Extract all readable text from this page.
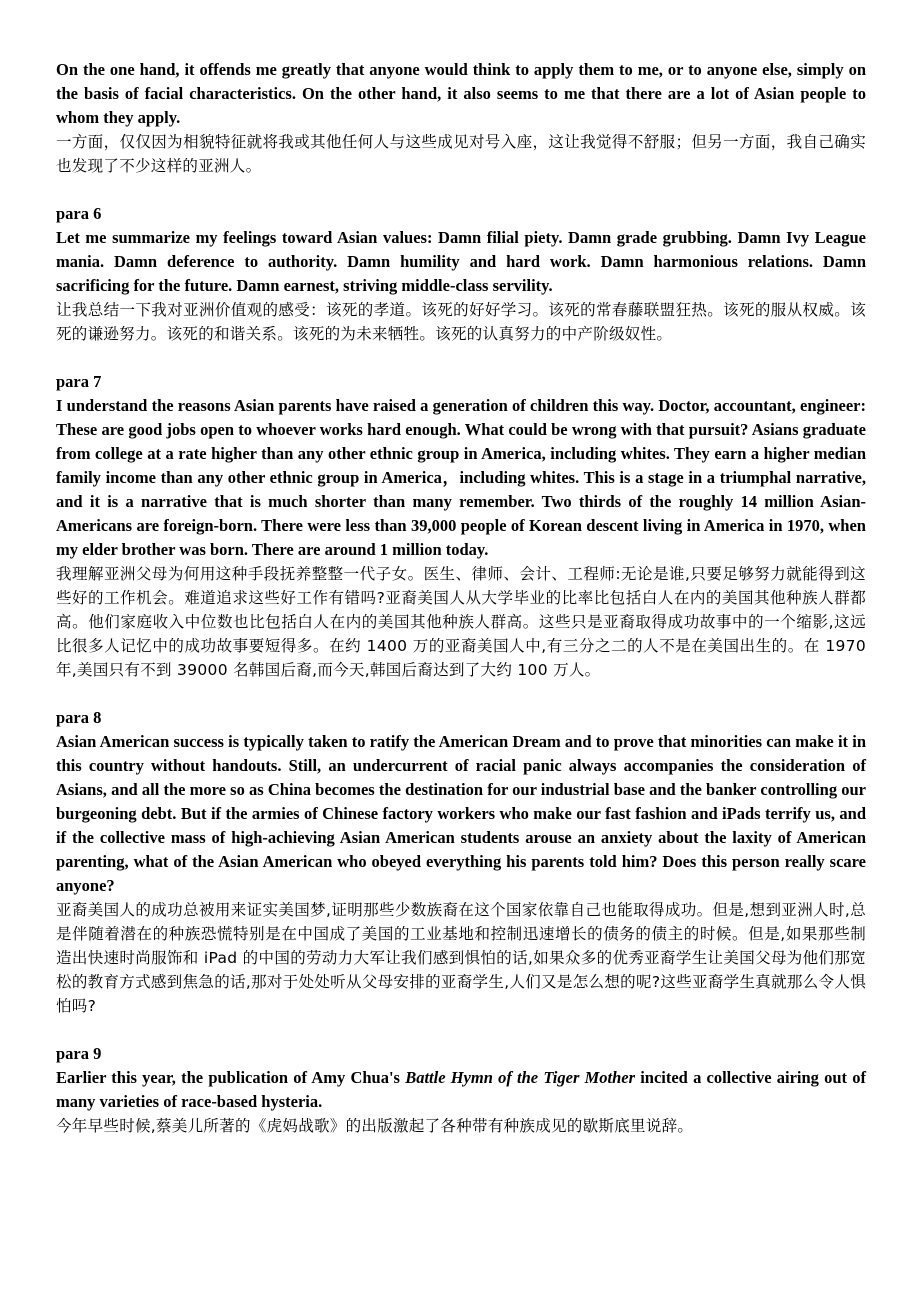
On the one hand, it offends me greatly that anyone would think to apply them to me, or to anyone else, simply on the basis of facial characteristics. On the other hand, it also seems to me that there are a lot of Asian people to whom they apply.

一方面，仅仅因为相貌特征就将我或其他任何人与这些成见对号入座，这让我觉得不舒服；但另一方面，我自己确实也发现了不少这样的亚洲人。

para 6

Let me summarize my feelings toward Asian values: Damn filial piety. Damn grade grubbing. Damn Ivy League mania. Damn deference to authority. Damn humility and hard work. Damn harmonious relations. Damn sacrificing for the future. Damn earnest, striving middle-class servility.

让我总结一下我对亚洲价值观的感受：该死的孝道。该死的好好学习。该死的常春藤联盟狂热。该死的服从权威。该死的谦逊努力。该死的和谐关系。该死的为未来牺牲。该死的认真努力的中产阶级奴性。

para 7

I understand the reasons Asian parents have raised a generation of children this way. Doctor, accountant, engineer: These are good jobs open to whoever works hard enough. What could be wrong with that pursuit? Asians graduate from college at a rate higher than any other ethnic group in America, including whites. They earn a higher median family income than any other ethnic group in America，including whites. This is a stage in a triumphal narrative, and it is a narrative that is much shorter than many remember. Two thirds of the roughly 14 million Asian-Americans are foreign-born. There were less than 39,000 people of Korean descent living in America in 1970, when my elder brother was born. There are around 1 million today.

我理解亚洲父母为何用这种手段抚养整整一代子女。医生、律师、会计、工程师:无论是谁,只要足够努力就能得到这些好的工作机会。难道追求这些好工作有错吗?亚裔美国人从大学毕业的比率比包括白人在内的美国其他种族人群都高。他们家庭收入中位数也比包括白人在内的美国其他种族人群高。这些只是亚裔取得成功故事中的一个缩影,这远比很多人记忆中的成功故事要短得多。在约 1400 万的亚裔美国人中,有三分之二的人不是在美国出生的。在 1970 年,美国只有不到 39000 名韩国后裔,而今天,韩国后裔达到了大约 100 万人。

para 8

Asian American success is typically taken to ratify the American Dream and to prove that minorities can make it in this country without handouts. Still, an undercurrent of racial panic always accompanies the consideration of Asians, and all the more so as China becomes the destination for our industrial base and the banker controlling our burgeoning debt. But if the armies of Chinese factory workers who make our fast fashion and iPads terrify us, and if the collective mass of high-achieving Asian American students arouse an anxiety about the laxity of American parenting, what of the Asian American who obeyed everything his parents told him? Does this person really scare anyone?

亚裔美国人的成功总被用来证实美国梦,证明那些少数族裔在这个国家依靠自己也能取得成功。但是,想到亚洲人时,总是伴随着潜在的种族恐慌特别是在中国成了美国的工业基地和控制迅速增长的债务的债主的时候。但是,如果那些制造出快速时尚服饰和 iPad 的中国的劳动力大军让我们感到惧怕的话,如果众多的优秀亚裔学生让美国父母为他们那宽松的教育方式感到焦急的话,那对于处处听从父母安排的亚裔学生,人们又是怎么想的呢?这些亚裔学生真就那么令人惧怕吗?

para 9

Earlier this year, the publication of Amy Chua's Battle Hymn of the Tiger Mother incited a collective airing out of many varieties of race-based hysteria.

今年早些时候,蔡美儿所著的《虎妈战歌》的出版激起了各种带有种族成见的歇斯底里说辞。
